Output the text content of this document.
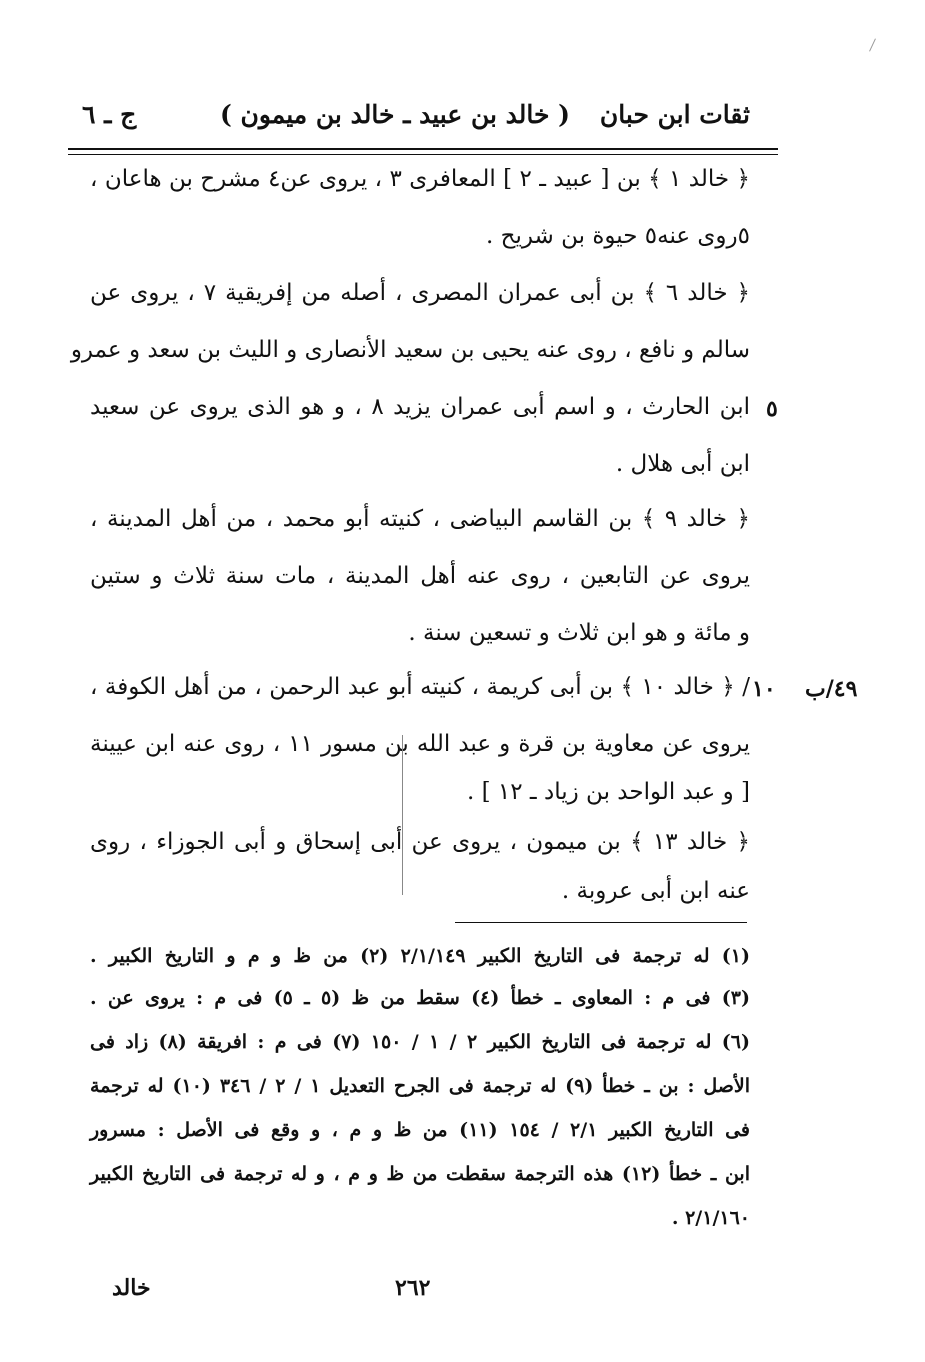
ثقات ابن حبان
( خالد بن عبيد ـ خالد بن ميمون )
ج ـ ٦
﴿ خالد ١ ﴾ بن [ عبيد ـ ٢ ] المعافرى ٣ ، يروى عن٤ مشرح بن هاعان ،
٥روى عنه٥ حيوة بن شريح .
﴿ خالد ٦ ﴾ بن أبى عمران المصرى ، أصله من إفريقية ٧ ، يروى عن
سالم و نافع ، روى عنه يحيى بن سعيد الأنصارى و الليث بن سعد و عمرو
ابن الحارث ، و اسم أبى عمران يزيد ٨ ، و هو الذى يروى عن سعيد
ابن أبى هلال .
﴿ خالد ٩ ﴾ بن القاسم البياضى ، كنيته أبو محمد ، من أهل المدينة ،
يروى عن التابعين ، روى عنه أهل المدينة ، مات سنة ثلاث و ستين
و مائة و هو ابن ثلاث و تسعين سنة .
/ ﴿ خالد ١٠ ﴾ بن أبى كريمة ، كنيته أبو عبد الرحمن ، من أهل الكوفة ،
يروى عن معاوية بن قرة و عبد الله بن مسور ١١ ، روى عنه ابن عيينة
[ و عبد الواحد بن زياد ـ ١٢ ] .
﴿ خالد ١٣ ﴾ بن ميمون ، يروى عن أبى إسحاق و أبى الجوزاء ، روى
عنه ابن أبى عروبة .
٥
١٠ ٤٩/ب
(١) له ترجمة فى التاريخ الكبير ٢/١/١٤٩ (٢) من ظ و م و التاريخ الكبير .
(٣) فى م : المعاوى ـ خطأ (٤) سقط من ظ (٥ ـ ٥) فى م : يروى عن .
(٦) له ترجمة فى التاريخ الكبير ٢ / ١ / ١٥٠ (٧) فى م : افريقة (٨) زاد فى
الأصل : بن ـ خطأ (٩) له ترجمة فى الجرح التعديل ١ / ٢ / ٣٤٦ (١٠) له ترجمة
فى التاريخ الكبير ٢/١ / ١٥٤ (١١) من ظ و م ، و وقع فى الأصل : مسرور
ابن ـ خطأ (١٢) هذه الترجمة سقطت من ظ و م ، و له ترجمة فى التاريخ الكبير
٢/١/١٦٠ .
خالد	٢٦٢
